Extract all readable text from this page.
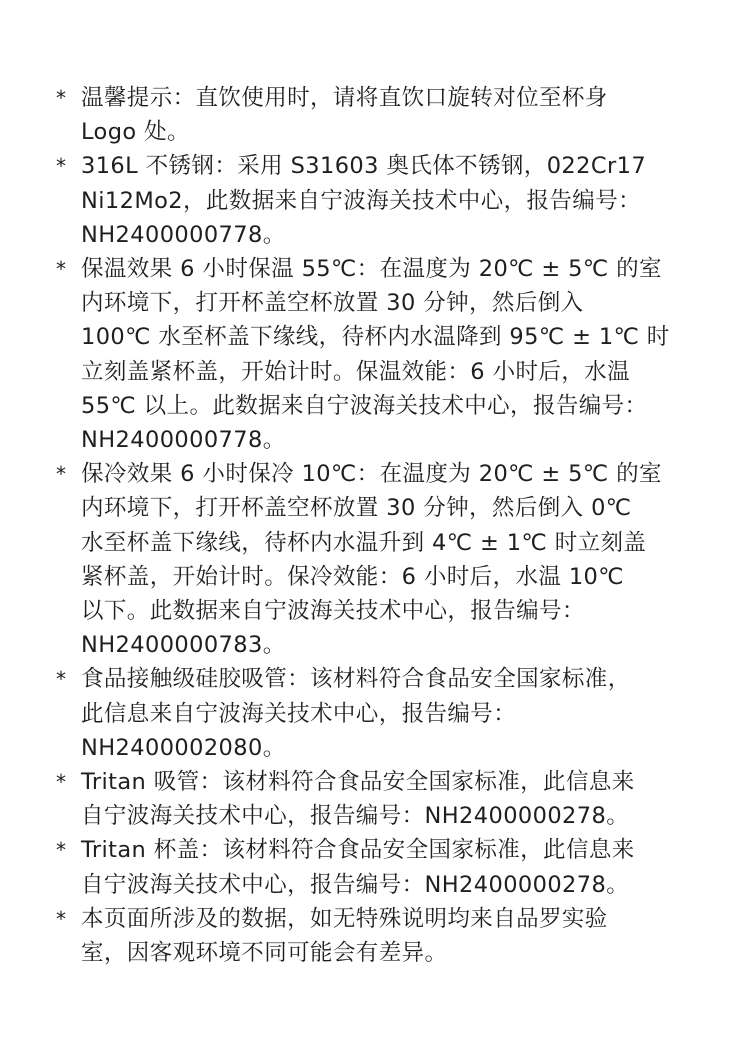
* 温馨提示：直饮使用时，请将直饮口旋转对位至杯身
Logo 处。
* 316L 不锈钢：采用 S31603 奥氏体不锈钢，022Cr17
Ni12Mo2，此数据来自宁波海关技术中心，报告编号：
NH2400000778。
* 保温效果 6 小时保温 55℃：在温度为 20℃ ± 5℃ 的室
内环境下，打开杯盖空杯放置 30 分钟，然后倒入
100℃ 水至杯盖下缘线，待杯内水温降到 95℃ ± 1℃ 时
立刻盖紧杯盖，开始计时。保温效能：6 小时后，水温
55℃ 以上。此数据来自宁波海关技术中心，报告编号：
NH2400000778。
* 保冷效果 6 小时保冷 10℃：在温度为 20℃ ± 5℃ 的室
内环境下，打开杯盖空杯放置 30 分钟，然后倒入 0℃
水至杯盖下缘线，待杯内水温升到 4℃ ± 1℃ 时立刻盖
紧杯盖，开始计时。保冷效能：6 小时后，水温 10℃
以下。此数据来自宁波海关技术中心，报告编号：
NH2400000783。
* 食品接触级硅胶吸管：该材料符合食品安全国家标准，
此信息来自宁波海关技术中心，报告编号：
NH2400002080。
* Tritan 吸管：该材料符合食品安全国家标准，此信息来
自宁波海关技术中心，报告编号：NH2400000278。
* Tritan 杯盖：该材料符合食品安全国家标准，此信息来
自宁波海关技术中心，报告编号：NH2400000278。
* 本页面所涉及的数据，如无特殊说明均来自品罗实验
室，因客观环境不同可能会有差异。
